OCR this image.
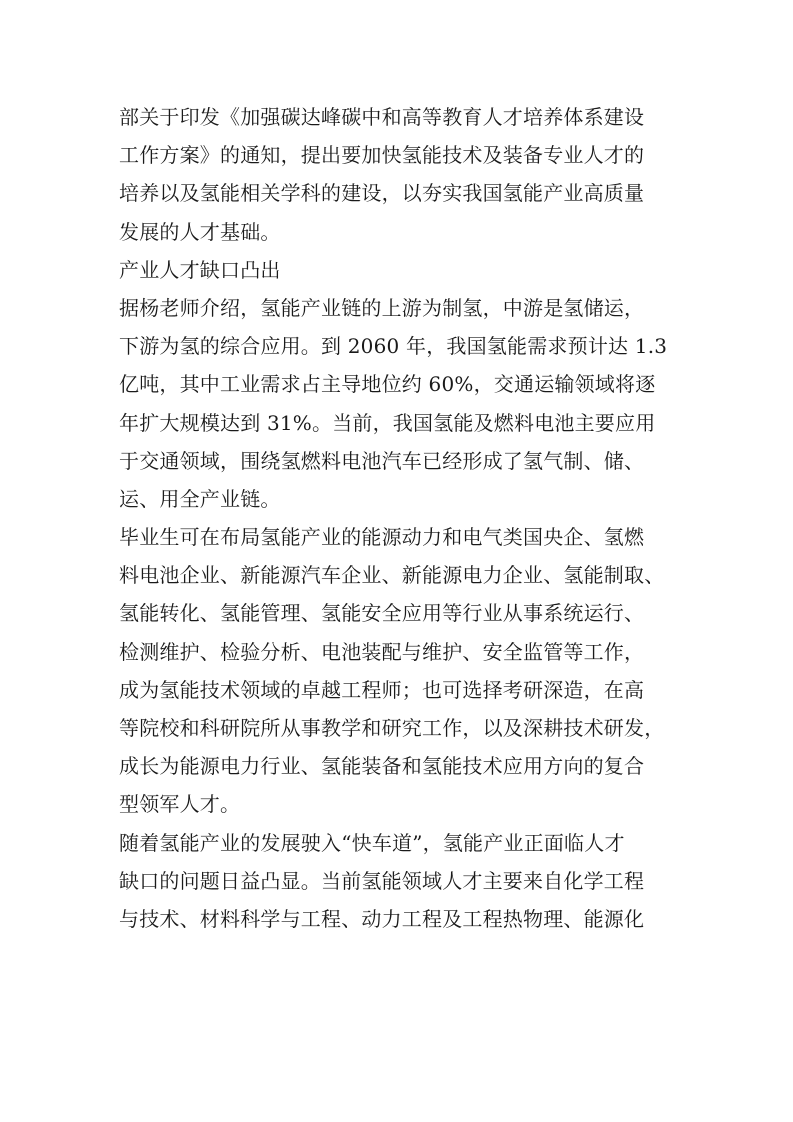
部关于印发《加强碳达峰碳中和高等教育人才培养体系建设
工作方案》的通知，提出要加快氢能技术及装备专业人才的
培养以及氢能相关学科的建设，以夯实我国氢能产业高质量
发展的人才基础。
产业人才缺口凸出
据杨老师介绍，氢能产业链的上游为制氢，中游是氢储运，
下游为氢的综合应用。到 2060 年，我国氢能需求预计达 1.3
亿吨，其中工业需求占主导地位约 60%，交通运输领域将逐
年扩大规模达到 31%。当前，我国氢能及燃料电池主要应用
于交通领域，围绕氢燃料电池汽车已经形成了氢气制、储、
运、用全产业链。
毕业生可在布局氢能产业的能源动力和电气类国央企、氢燃
料电池企业、新能源汽车企业、新能源电力企业、氢能制取、
氢能转化、氢能管理、氢能安全应用等行业从事系统运行、
检测维护、检验分析、电池装配与维护、安全监管等工作，
成为氢能技术领域的卓越工程师；也可选择考研深造，在高
等院校和科研院所从事教学和研究工作，以及深耕技术研发，
成长为能源电力行业、氢能装备和氢能技术应用方向的复合
型领军人才。
随着氢能产业的发展驶入“快车道”，氢能产业正面临人才
缺口的问题日益凸显。当前氢能领域人才主要来自化学工程
与技术、材料科学与工程、动力工程及工程热物理、能源化
